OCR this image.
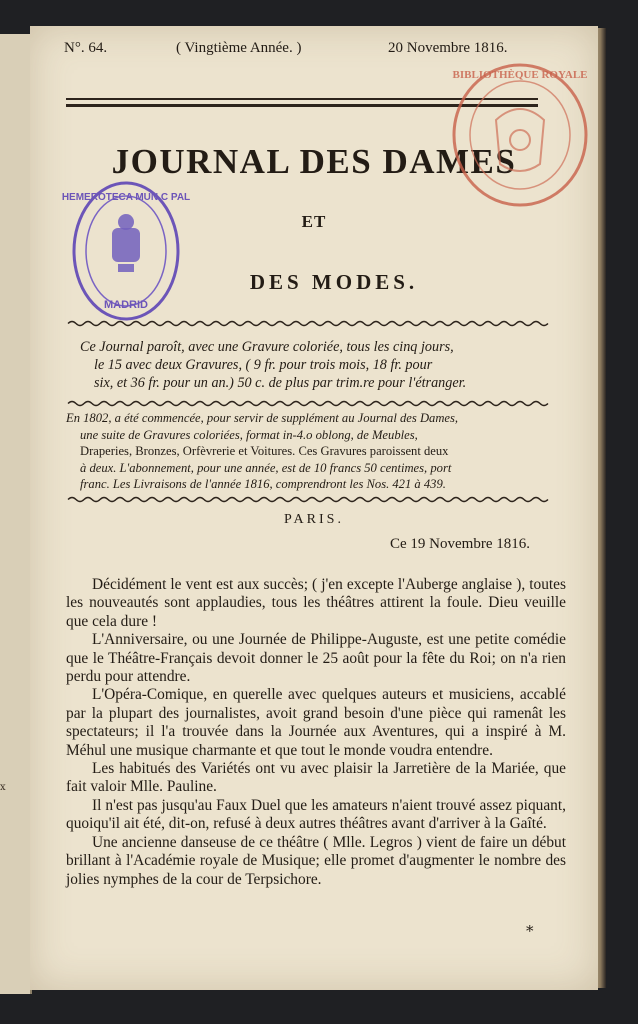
x
N°. 64.	( Vingtième Année. )	20 Novembre 1816.
JOURNAL DES DAMES
ET
DES MODES.
HEMEROTECA MUN C PAL
MADRID
BIBLIOTHÈQUE ROYALE
Ce Journal paroît, avec une Gravure coloriée, tous les cinq jours,
le 15 avec deux Gravures, ( 9 fr. pour trois mois, 18 fr. pour
six, et 36 fr. pour un an.) 50 c. de plus par trim.re pour l'étranger.
En 1802, a été commencée, pour servir de supplément au Journal des Dames,
une suite de Gravures coloriées, format in-4.o oblong, de Meubles,
Draperies, Bronzes, Orfèvrerie et Voitures. Ces Gravures paroissent deux
à deux. L'abonnement, pour une année, est de 10 francs 50 centimes, port
franc. Les Livraisons de l'année 1816, comprendront les Nos. 421 à 439.
PARIS.
Ce 19 Novembre 1816.

Décidément le vent est aux succès; ( j'en excepte l'Auberge anglaise ), toutes les nouveautés sont applaudies, tous les théâtres attirent la foule. Dieu veuille que cela dure !

L'Anniversaire, ou une Journée de Philippe-Auguste, est une petite comédie que le Théâtre-Français devoit donner le 25 août pour la fête du Roi; on n'a rien perdu pour attendre.

L'Opéra-Comique, en querelle avec quelques auteurs et musiciens, accablé par la plupart des journalistes, avoit grand besoin d'une pièce qui ramenât les spectateurs; il l'a trouvée dans la Journée aux Aventures, qui a inspiré à M. Méhul une musique charmante et que tout le monde voudra entendre.

Les habitués des Variétés ont vu avec plaisir la Jarretière de la Mariée, que fait valoir Mlle. Pauline.

Il n'est pas jusqu'au Faux Duel que les amateurs n'aient trouvé assez piquant, quoiqu'il ait été, dit-on, refusé à deux autres théâtres avant d'arriver à la Gaîté.

Une ancienne danseuse de ce théâtre ( Mlle. Legros ) vient de faire un début brillant à l'Académie royale de Musique; elle promet d'augmenter le nombre des jolies nymphes de la cour de Terpsichore.

*
